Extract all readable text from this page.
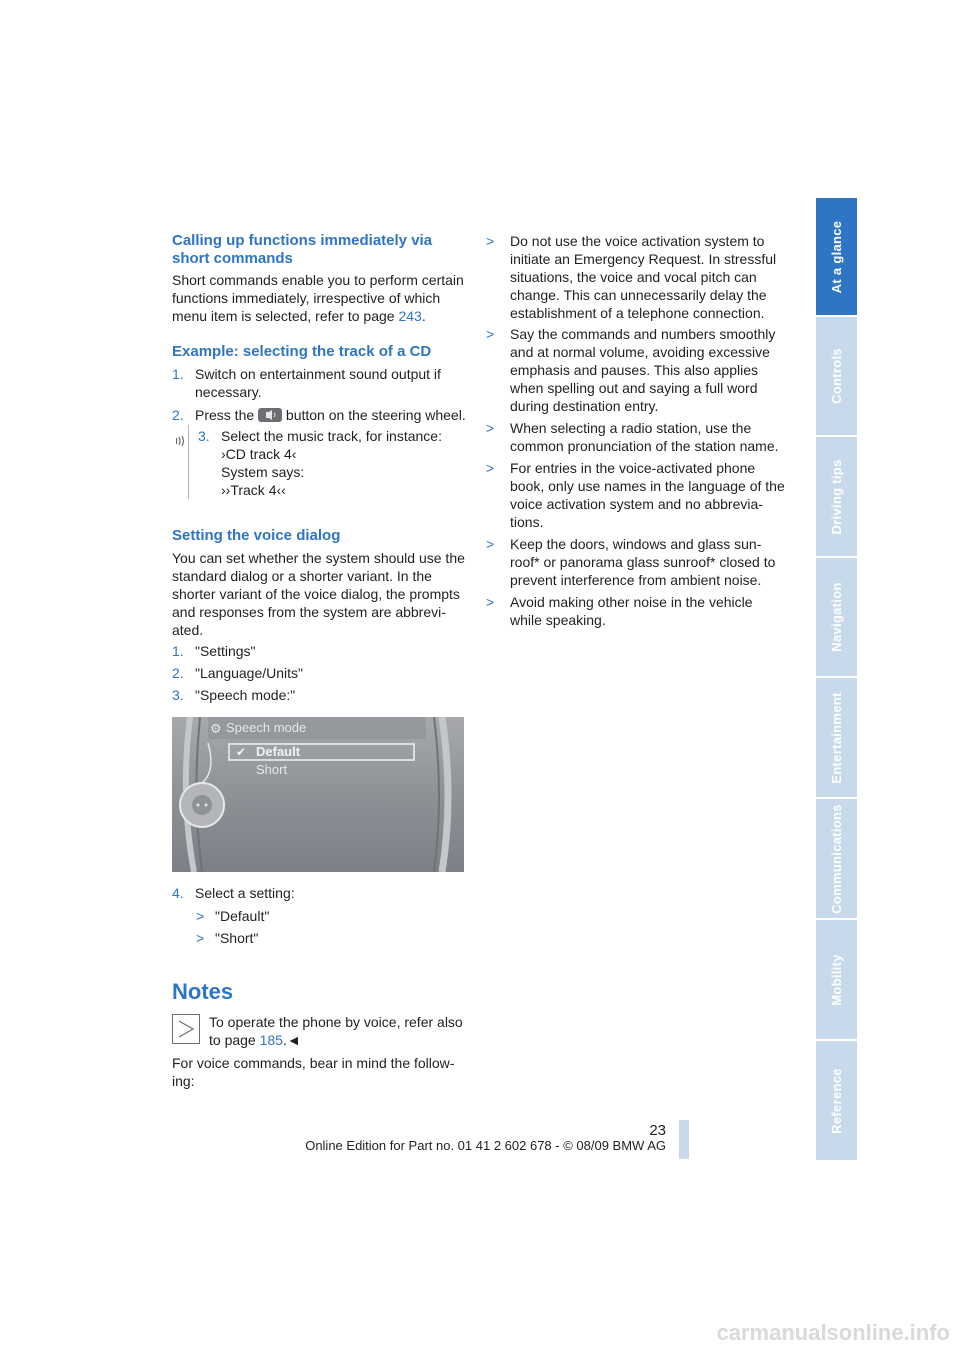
At a glance
Controls
Driving tips
Navigation
Entertainment
Communications
Mobility
Reference
Calling up functions immediately via
short commands
Short commands enable you to perform certain
functions immediately, irrespective of which
menu item is selected, refer to page 243.
Example: selecting the track of a CD
1. Switch on entertainment sound output if
necessary.
2. Press the button on the steering wheel.
3. Select the music track, for instance:
›CD track 4‹
System says:
››Track 4‹‹
Setting the voice dialog
You can set whether the system should use the
standard dialog or a shorter variant. In the
shorter variant of the voice dialog, the prompts
and responses from the system are abbrevi-
ated.
1. "Settings"
2. "Language/Units"
3. "Speech mode:"
⚙ Speech mode
✔ Default
Short
4. Select a setting:
> "Default"
> "Short"
Notes
To operate the phone by voice, refer also
to page 185.◄
For voice commands, bear in mind the follow-
ing:
> Do not use the voice activation system to
initiate an Emergency Request. In stressful
situations, the voice and vocal pitch can
change. This can unnecessarily delay the
establishment of a telephone connection.
> Say the commands and numbers smoothly
and at normal volume, avoiding excessive
emphasis and pauses. This also applies
when spelling out and saying a full word
during destination entry.
> When selecting a radio station, use the
common pronunciation of the station name.
> For entries in the voice-activated phone
book, only use names in the language of the
voice activation system and no abbrevia-
tions.
> Keep the doors, windows and glass sun-
roof* or panorama glass sunroof* closed to
prevent interference from ambient noise.
> Avoid making other noise in the vehicle
while speaking.
23
Online Edition for Part no. 01 41 2 602 678 - © 08/09 BMW AG
carmanualsonline.info
